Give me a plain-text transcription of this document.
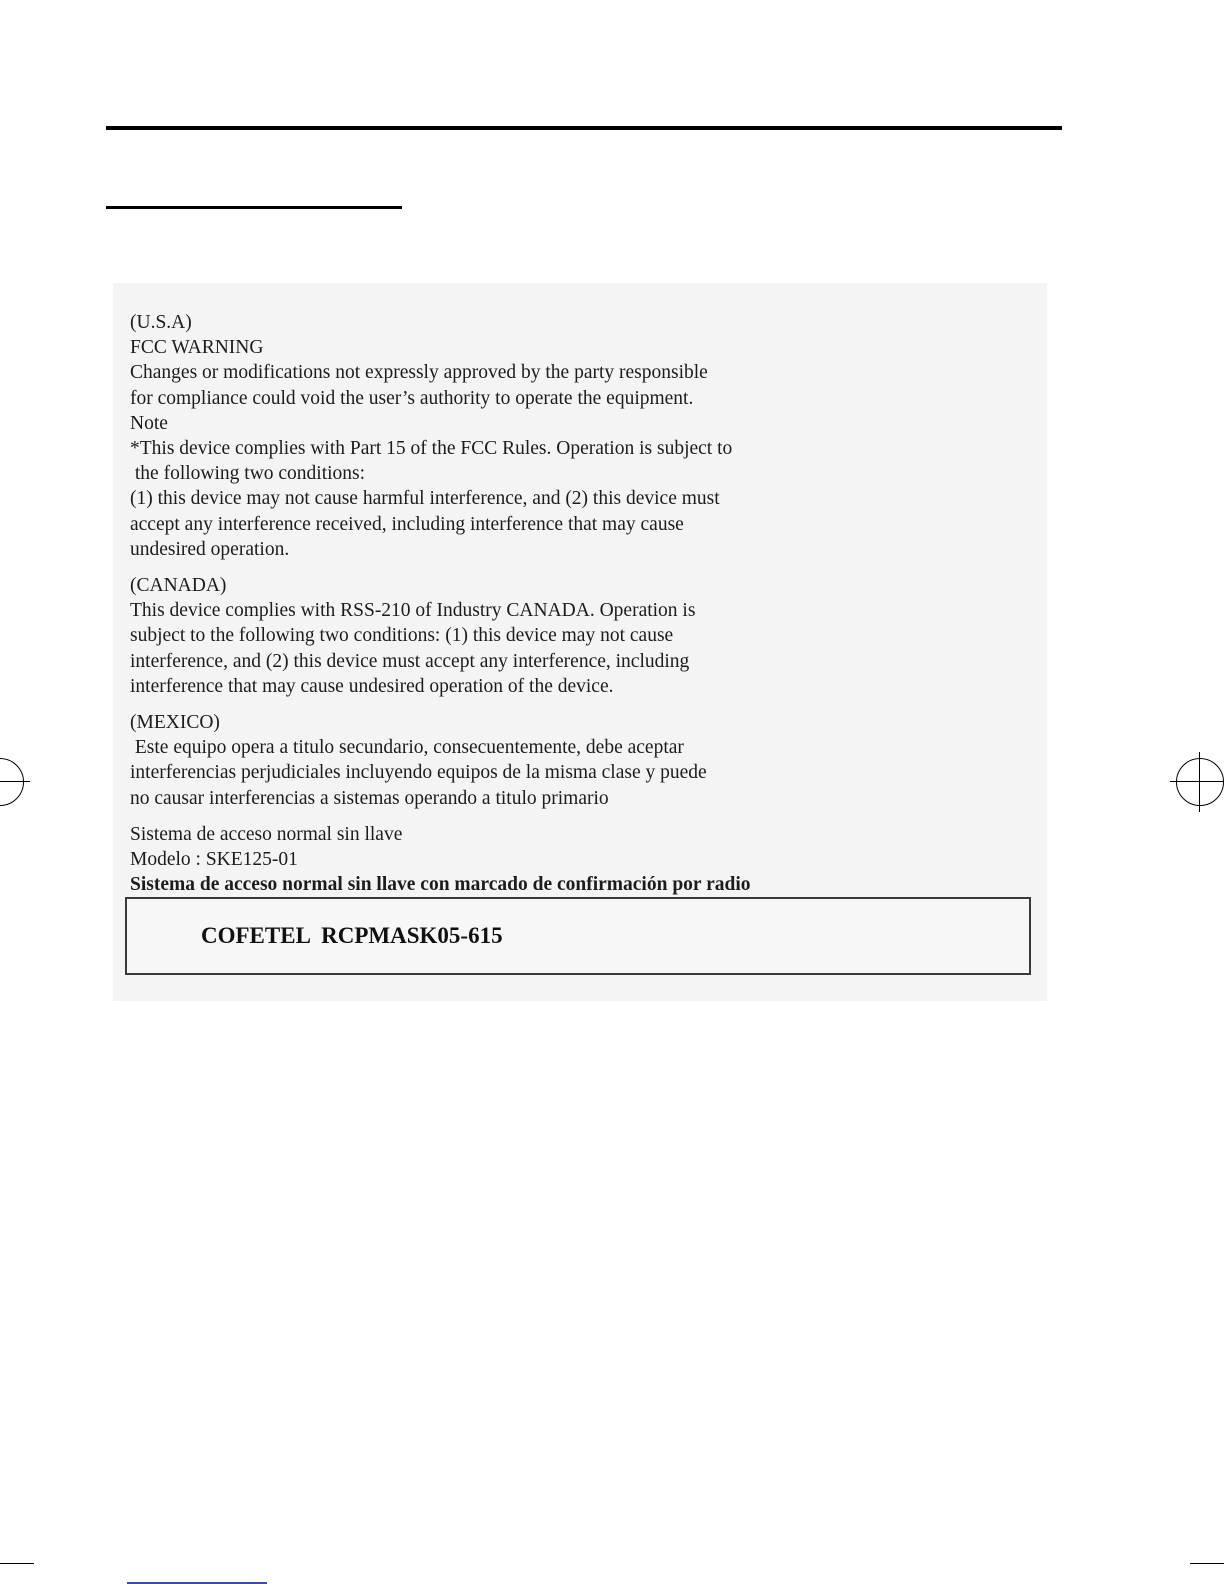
(U.S.A)
FCC WARNING
Changes or modifications not expressly approved by the party responsible
for compliance could void the user’s authority to operate the equipment.
Note
*This device complies with Part 15 of the FCC Rules. Operation is subject to
the following two conditions:
(1) this device may not cause harmful interference, and (2) this device must
accept any interference received, including interference that may cause
undesired operation.
(CANADA)
This device complies with RSS-210 of Industry CANADA. Operation is
subject to the following two conditions: (1) this device may not cause
interference, and (2) this device must accept any interference, including
interference that may cause undesired operation of the device.
(MEXICO)
Este equipo opera a titulo secundario, consecuentemente, debe aceptar
interferencias perjudiciales incluyendo equipos de la misma clase y puede
no causar interferencias a sistemas operando a titulo primario
Sistema de acceso normal sin llave
Modelo : SKE125-01
Sistema de acceso normal sin llave con marcado de confirmación por radio
COFETEL  RCPMASK05-615
